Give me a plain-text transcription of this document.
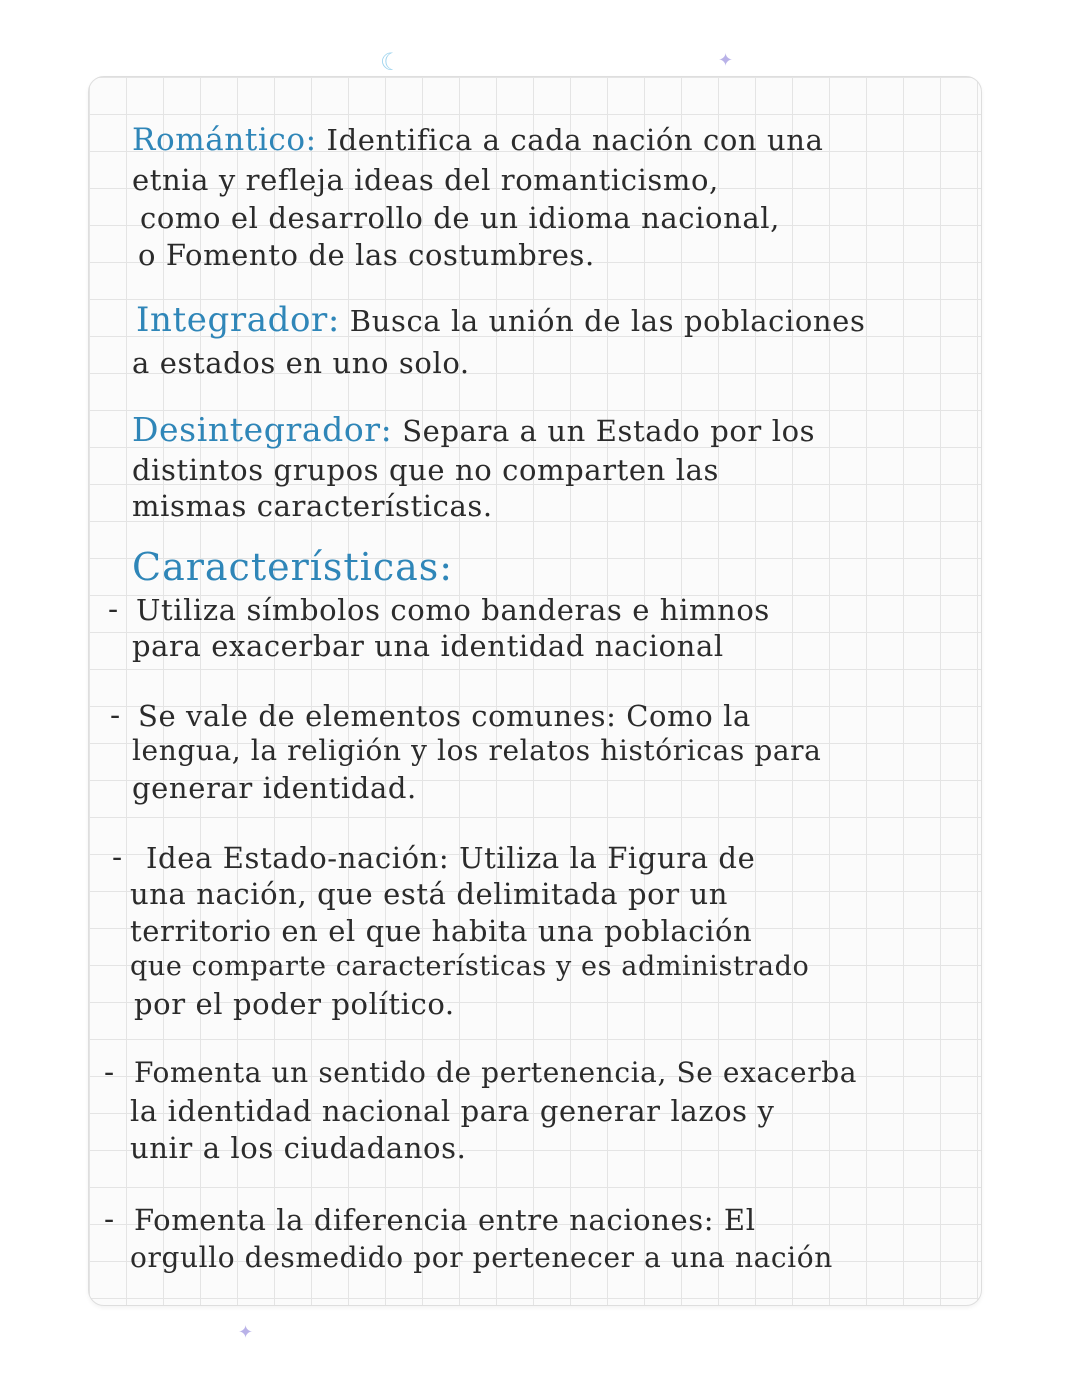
☾	✦
Romántico: Identifica a cada nación con una
etnia y refleja ideas del romanticismo,
como el desarrollo de un idioma nacional,
o Fomento de las costumbres.
Integrador: Busca la unión de las poblaciones
a estados en uno solo.
Desintegrador: Separa a un Estado por los
distintos grupos que no comparten las
mismas características.
Características:
- Utiliza símbolos como banderas e himnos
para exacerbar una identidad nacional
- Se vale de elementos comunes: Como la
lengua, la religión y los relatos históricas para
generar identidad.
- Idea Estado-nación: Utiliza la Figura de
una nación, que está delimitada por un
territorio en el que habita una población
que comparte características y es administrado
por el poder político.
- Fomenta un sentido de pertenencia, Se exacerba
la identidad nacional para generar lazos y
unir a los ciudadanos.
- Fomenta la diferencia entre naciones: El
orgullo desmedido por pertenecer a una nación
✦
